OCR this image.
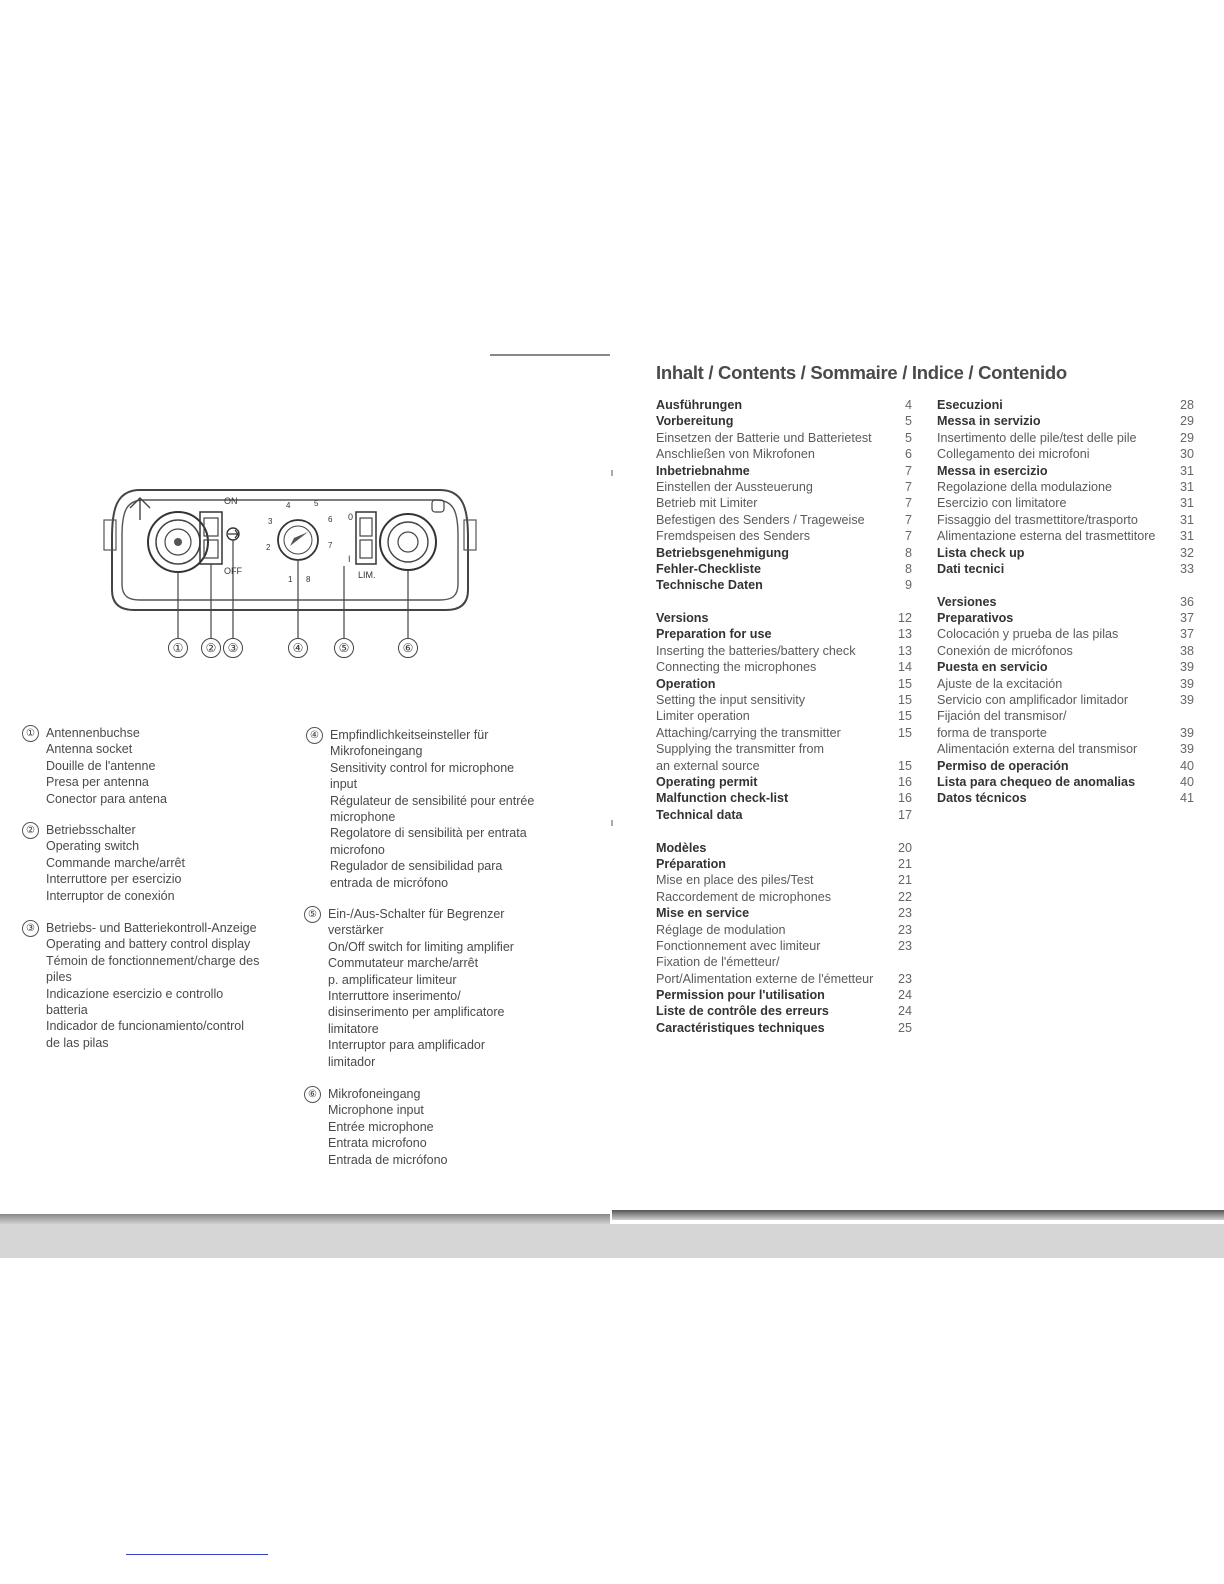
ON
OFF
1
2
3
4	5
6
7
8
0
I
LIM.
①	② ③	④	⑤	⑥
① Antennenbuchse
Antenna socket
Douille de l'antenne
Presa per antenna
Conector para antena
② Betriebsschalter
Operating switch
Commande marche/arrêt
Interruttore per esercizio
Interruptor de conexión
③ Betriebs- und Batteriekontroll-Anzeige
Operating and battery control display
Témoin de fonctionnement/charge des
piles
Indicazione esercizio e controllo
batteria
Indicador de funcionamiento/control
de las pilas
④ Empfindlichkeitseinsteller für
Mikrofoneingang
Sensitivity control for microphone
input
Régulateur de sensibilité pour entrée
microphone
Regolatore di sensibilità per entrata
microfono
Regulador de sensibilidad para
entrada de micrófono
⑤ Ein-/Aus-Schalter für Begrenzer
verstärker
On/Off switch for limiting amplifier
Commutateur marche/arrêt
p. amplificateur limiteur
Interruttore inserimento/
disinserimento per amplificatore
limitatore
Interruptor para amplificador
limitador
⑥ Mikrofoneingang
Microphone input
Entrée microphone
Entrata microfono
Entrada de micrófono
Inhalt / Contents / Sommaire / Indice / Contenido
Ausführungen	4
Vorbereitung	5
Einsetzen der Batterie und Batterietest	5
Anschließen von Mikrofonen	6
Inbetriebnahme	7
Einstellen der Aussteuerung	7
Betrieb mit Limiter	7
Befestigen des Senders / Trageweise	7
Fremdspeisen des Senders	7
Betriebsgenehmigung	8
Fehler-Checkliste	8
Technische Daten	9
Versions	12
Preparation for use	13
Inserting the batteries/battery check	13
Connecting the microphones	14
Operation	15
Setting the input sensitivity	15
Limiter operation	15
Attaching/carrying the transmitter	15
Supplying the transmitter from
an external source	15
Operating permit	16
Malfunction check-list	16
Technical data	17
Modèles	20
Préparation	21
Mise en place des piles/Test	21
Raccordement de microphones	22
Mise en service	23
Réglage de modulation	23
Fonctionnement avec limiteur	23
Fixation de l'émetteur/
Port/Alimentation externe de l'émetteur 23
Permission pour l'utilisation	24
Liste de contrôle des erreurs	24
Caractéristiques techniques	25
Esecuzioni	28
Messa in servizio	29
Insertimento delle pile/test delle pile	29
Collegamento dei microfoni	30
Messa in esercizio	31
Regolazione della modulazione	31
Esercizio con limitatore	31
Fissaggio del trasmettitore/trasporto	31
Alimentazione esterna del trasmettitore 31
Lista check up	32
Dati tecnici	33
Versiones	36
Preparativos	37
Colocación y prueba de las pilas	37
Conexión de micrófonos	38
Puesta en servicio	39
Ajuste de la excitación	39
Servicio con amplificador limitador	39
Fijación del transmisor/
forma de transporte	39
Alimentación externa del transmisor	39
Permiso de operación	40
Lista para chequeo de anomalias	40
Datos técnicos	41
